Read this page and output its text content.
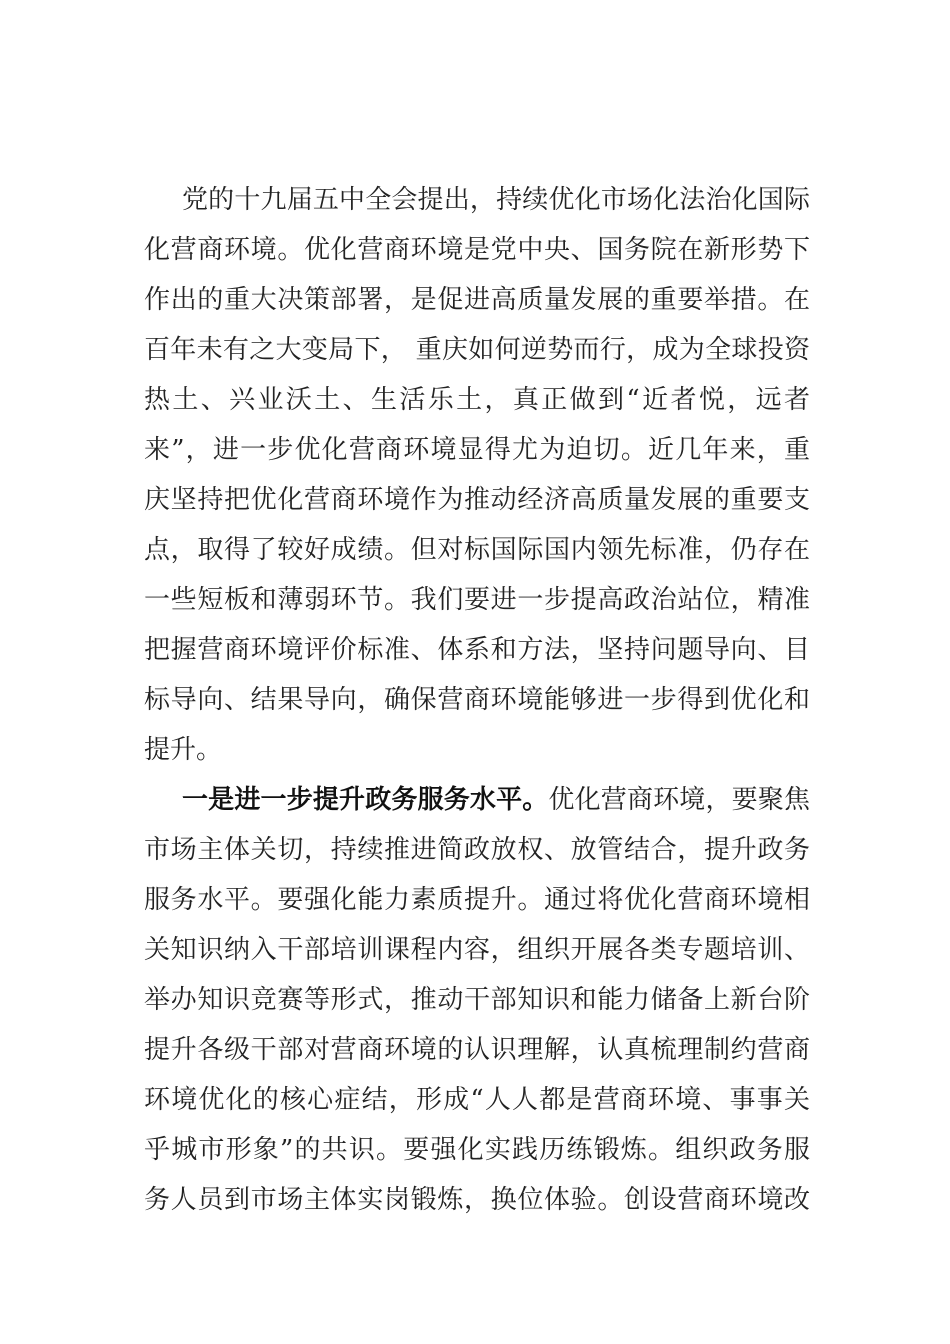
党的十九届五中全会提出，持续优化市场化法治化国际
化营商环境。优化营商环境是党中央、国务院在新形势下
作出的重大决策部署，是促进高质量发展的重要举措。在
百年未有之大变局下， 重庆如何逆势而行，成为全球投资
热土、兴业沃土、生活乐土，真正做到“近者悦，远者
来”，进一步优化营商环境显得尤为迫切。近几年来，重
庆坚持把优化营商环境作为推动经济高质量发展的重要支
点，取得了较好成绩。但对标国际国内领先标准，仍存在
一些短板和薄弱环节。我们要进一步提高政治站位，精准
把握营商环境评价标准、体系和方法，坚持问题导向、目
标导向、结果导向，确保营商环境能够进一步得到优化和
提升。
一是进一步提升政务服务水平。优化营商环境，要聚焦
市场主体关切，持续推进简政放权、放管结合，提升政务
服务水平。要强化能力素质提升。通过将优化营商环境相
关知识纳入干部培训课程内容，组织开展各类专题培训、
举办知识竞赛等形式，推动干部知识和能力储备上新台阶
提升各级干部对营商环境的认识理解，认真梳理制约营商
环境优化的核心症结，形成“人人都是营商环境、事事关
乎城市形象”的共识。要强化实践历练锻炼。组织政务服
务人员到市场主体实岗锻炼，换位体验。创设营商环境改
